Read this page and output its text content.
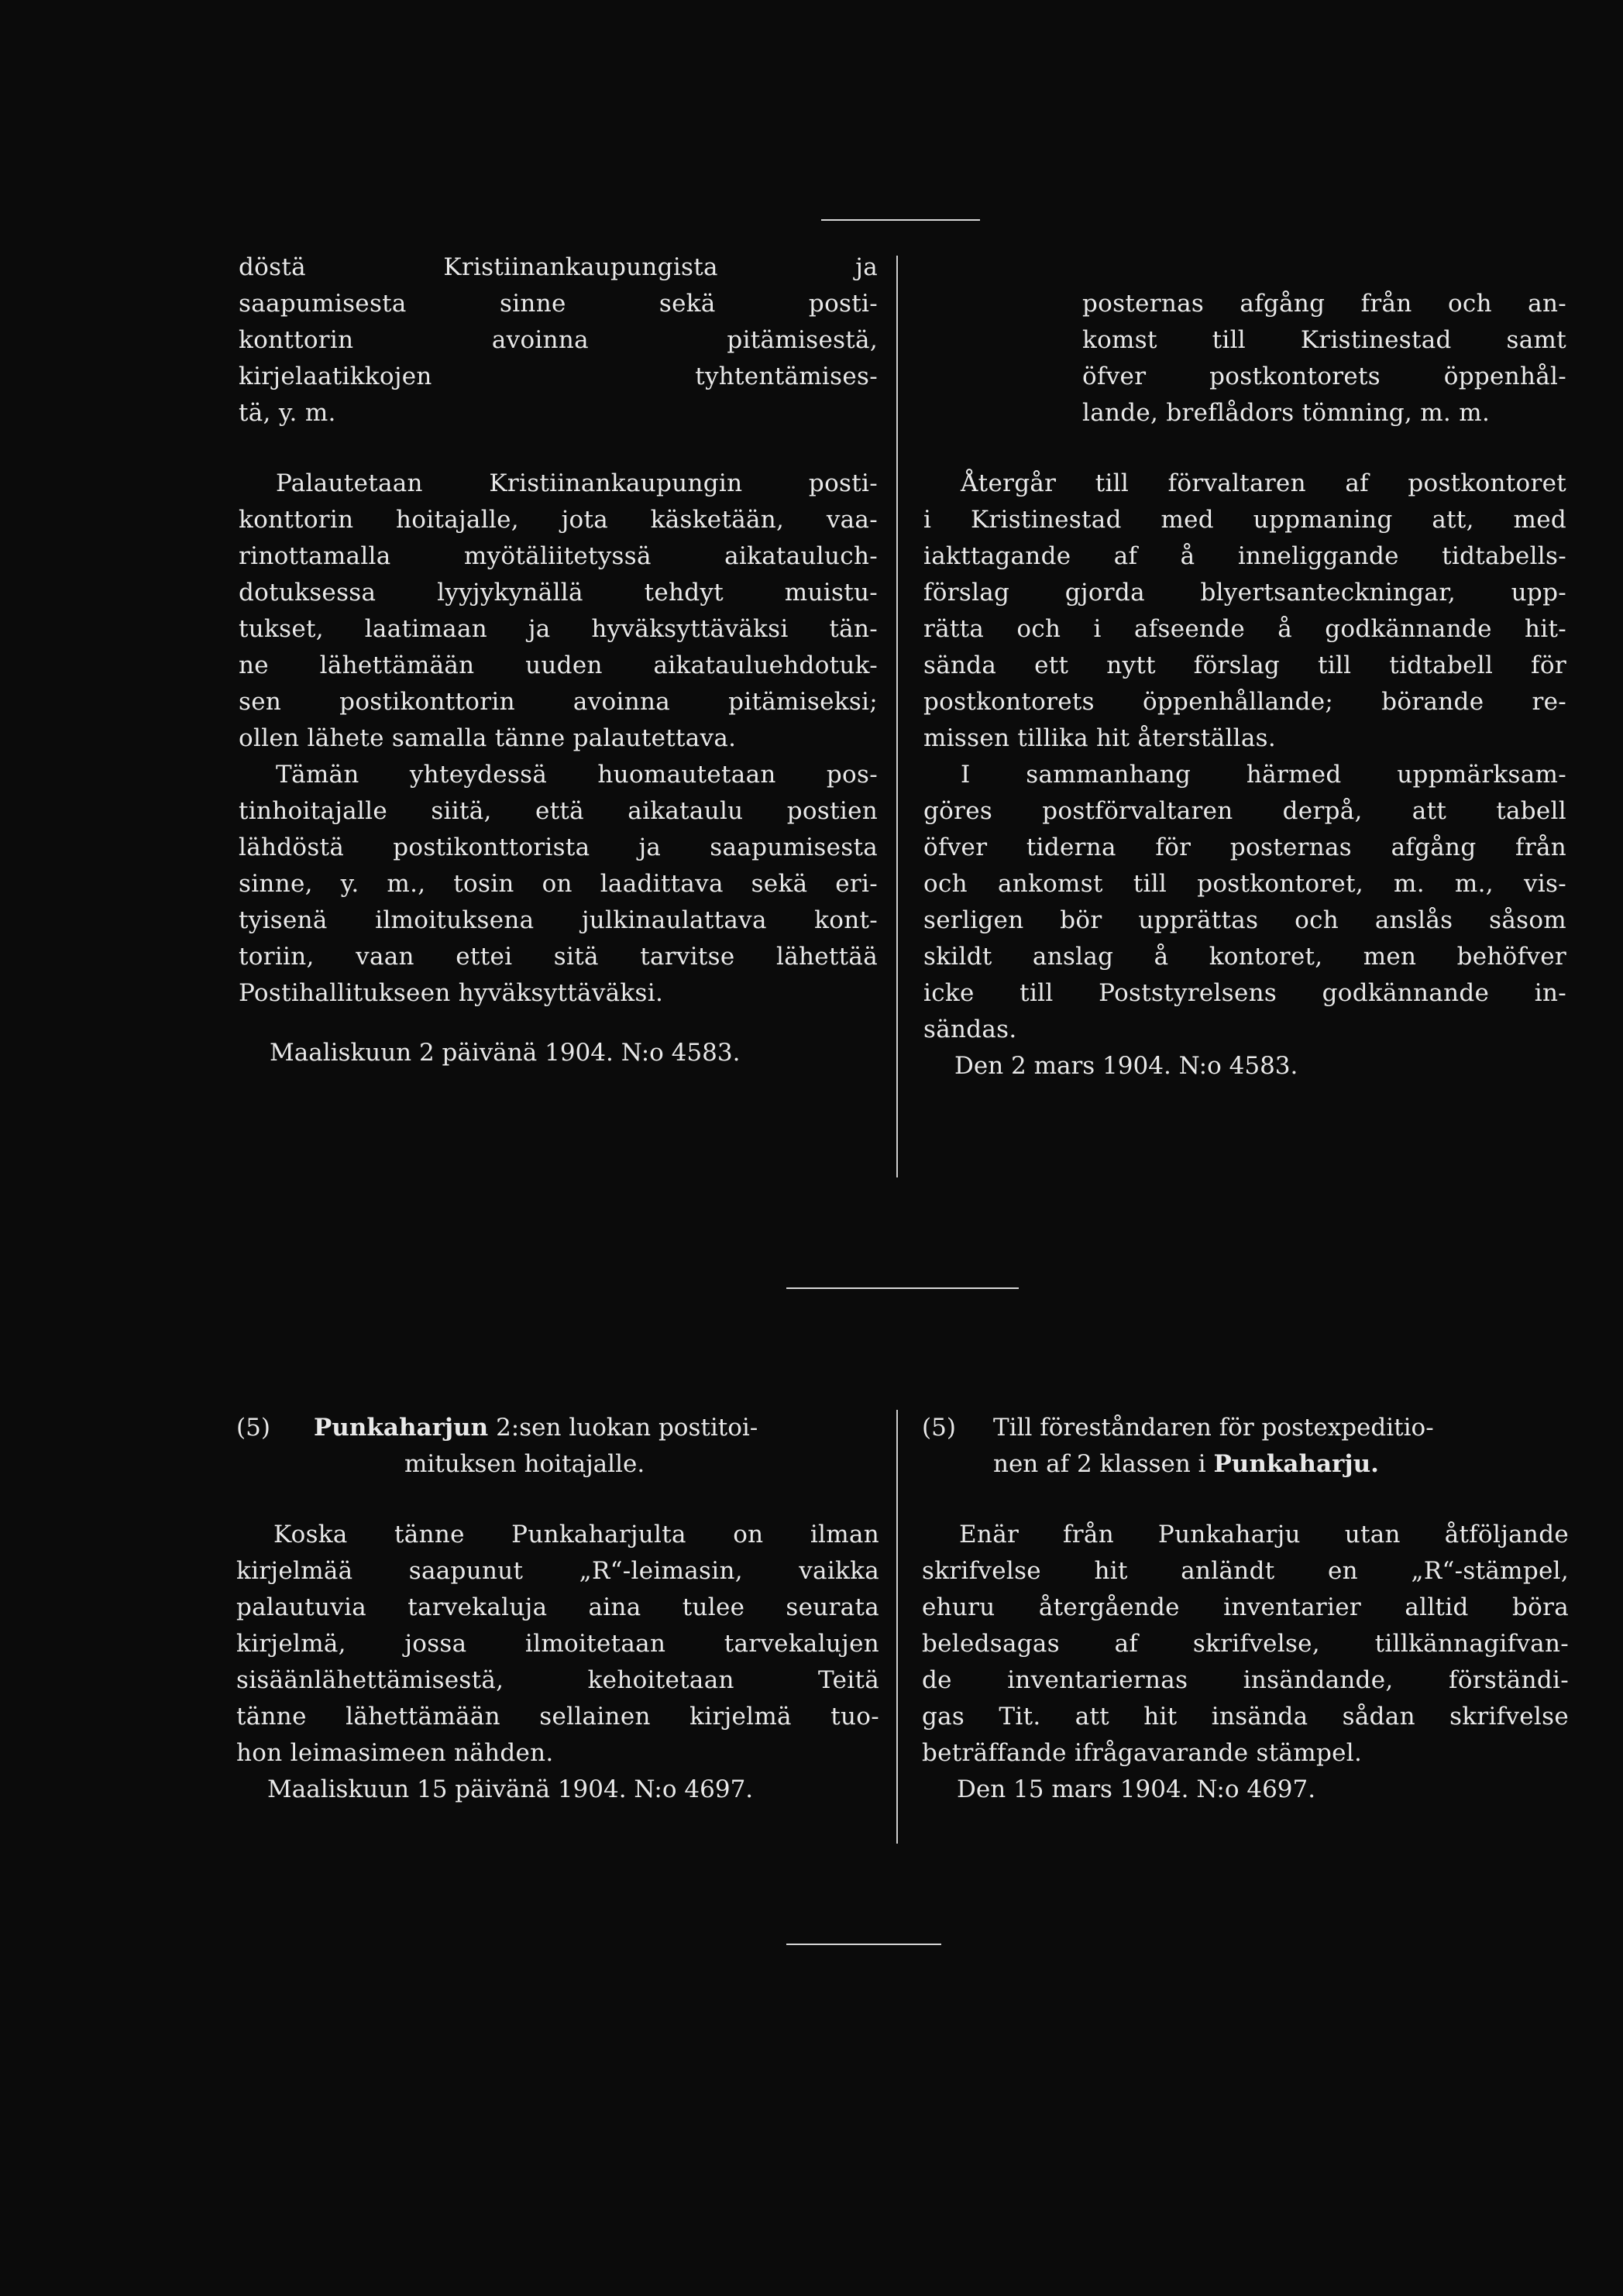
döstä Kristiinankaupungista ja
saapumisesta sinne sekä posti-
konttorin avoinna pitämisestä,
kirjelaatikkojen tyhtentämises-
tä, y. m.

Palautetaan Kristiinankaupungin posti-
konttorin hoitajalle, jota käsketään, vaa-
rinottamalla myötäliitetyssä aikatauluch-
dotuksessa lyyjykynällä tehdyt muistu-
tukset, laatimaan ja hyväksyttäväksi tän-
ne lähettämään uuden aikatauluehdotuk-
sen postikonttorin avoinna pitämiseksi;
ollen lähete samalla tänne palautettava.
Tämän yhteydessä huomautetaan pos-
tinhoitajalle siitä, että aikataulu postien
lähdöstä postikonttorista ja saapumisesta
sinne, y. m., tosin on laadittava sekä eri-
tyisenä ilmoituksena julkinaulattava kont-
toriin, vaan ettei sitä tarvitse lähettää
Postihallitukseen hyväksyttäväksi.

Maaliskuun 2 päivänä 1904. N:o 4583.

posternas afgång från och an-
komst till Kristinestad samt
öfver postkontorets öppenhål-
lande, breflådors tömning, m. m.

Återgår till förvaltaren af postkontoret
i Kristinestad med uppmaning att, med
iakttagande af å inneliggande tidtabells-
förslag gjorda blyertsanteckningar, upp-
rätta och i afseende å godkännande hit-
sända ett nytt förslag till tidtabell för
postkontorets öppenhållande; börande re-
missen tillika hit återställas.
I sammanhang härmed uppmärksam-
göres postförvaltaren derpå, att tabell
öfver tiderna för posternas afgång från
och ankomst till postkontoret, m. m., vis-
serligen bör upprättas och anslås såsom
skildt anslag å kontoret, men behöfver
icke till Poststyrelsens godkännande in-
sändas.

Den 2 mars 1904. N:o 4583.

(5) Punkaharjun 2:sen luokan postitoi-

mituksen hoitajalle.

Koska tänne Punkaharjulta on ilman
kirjelmää saapunut „R“-leimasin, vaikka
palautuvia tarvekaluja aina tulee seurata
kirjelmä, jossa ilmoitetaan tarvekalujen
sisäänlähettämisestä, kehoitetaan Teitä
tänne lähettämään sellainen kirjelmä tuo-
hon leimasimeen nähden.

Maaliskuun 15 päivänä 1904. N:o 4697.

(5) Till föreståndaren för postexpeditio-

nen af 2 klassen i Punkaharju.

Enär från Punkaharju utan åtföljande
skrifvelse hit anländt en „R“-stämpel,
ehuru återgående inventarier alltid böra
beledsagas af skrifvelse, tillkännagifvan-
de inventariernas insändande, förständi-
gas Tit. att hit insända sådan skrifvelse
beträffande ifrågavarande stämpel.

Den 15 mars 1904. N:o 4697.
